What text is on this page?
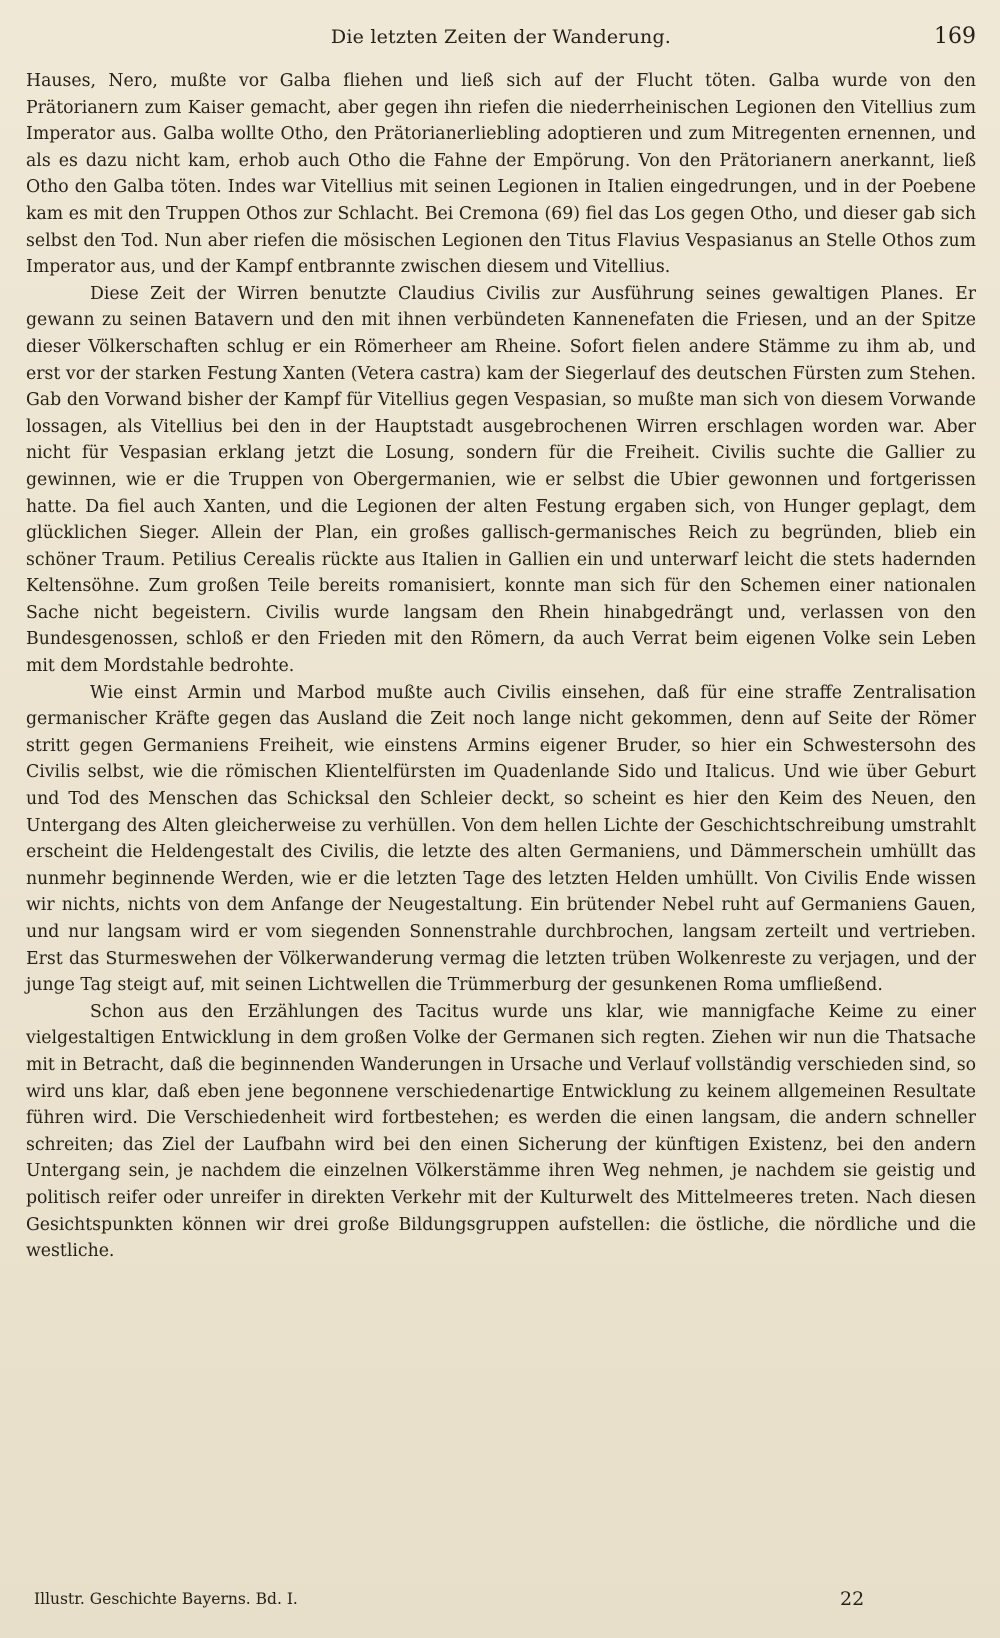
Die letzten Zeiten der Wanderung.	169

Hauses, Nero, mußte vor Galba fliehen und ließ sich auf der Flucht töten. Galba wurde von den Prätorianern zum Kaiser gemacht, aber gegen ihn riefen die niederrheinischen Legionen den Vitellius zum Imperator aus. Galba wollte Otho, den Prätorianerliebling adoptieren und zum Mitregenten ernennen, und als es dazu nicht kam, erhob auch Otho die Fahne der Empörung. Von den Prätorianern anerkannt, ließ Otho den Galba töten. Indes war Vitellius mit seinen Legionen in Italien eingedrungen, und in der Poebene kam es mit den Truppen Othos zur Schlacht. Bei Cremona (69) fiel das Los gegen Otho, und dieser gab sich selbst den Tod. Nun aber riefen die mösischen Legionen den Titus Flavius Vespasianus an Stelle Othos zum Imperator aus, und der Kampf entbrannte zwischen diesem und Vitellius.

Diese Zeit der Wirren benutzte Claudius Civilis zur Ausführung seines gewaltigen Planes. Er gewann zu seinen Batavern und den mit ihnen verbündeten Kannenefaten die Friesen, und an der Spitze dieser Völkerschaften schlug er ein Römerheer am Rheine. Sofort fielen andere Stämme zu ihm ab, und erst vor der starken Festung Xanten (Vetera castra) kam der Siegerlauf des deutschen Fürsten zum Stehen. Gab den Vorwand bisher der Kampf für Vitellius gegen Vespasian, so mußte man sich von diesem Vorwande lossagen, als Vitellius bei den in der Hauptstadt ausgebrochenen Wirren erschlagen worden war. Aber nicht für Vespasian erklang jetzt die Losung, sondern für die Freiheit. Civilis suchte die Gallier zu gewinnen, wie er die Truppen von Obergermanien, wie er selbst die Ubier gewonnen und fortgerissen hatte. Da fiel auch Xanten, und die Legionen der alten Festung ergaben sich, von Hunger geplagt, dem glücklichen Sieger. Allein der Plan, ein großes gallisch-germanisches Reich zu begründen, blieb ein schöner Traum. Petilius Cerealis rückte aus Italien in Gallien ein und unterwarf leicht die stets hadernden Keltensöhne. Zum großen Teile bereits romanisiert, konnte man sich für den Schemen einer nationalen Sache nicht begeistern. Civilis wurde langsam den Rhein hinabgedrängt und, verlassen von den Bundesgenossen, schloß er den Frieden mit den Römern, da auch Verrat beim eigenen Volke sein Leben mit dem Mordstahle bedrohte.

Wie einst Armin und Marbod mußte auch Civilis einsehen, daß für eine straffe Zentralisation germanischer Kräfte gegen das Ausland die Zeit noch lange nicht gekommen, denn auf Seite der Römer stritt gegen Germaniens Freiheit, wie einstens Armins eigener Bruder, so hier ein Schwestersohn des Civilis selbst, wie die römischen Klientelfürsten im Quadenlande Sido und Italicus. Und wie über Geburt und Tod des Menschen das Schicksal den Schleier deckt, so scheint es hier den Keim des Neuen, den Untergang des Alten gleicherweise zu verhüllen. Von dem hellen Lichte der Geschichtschreibung umstrahlt erscheint die Heldengestalt des Civilis, die letzte des alten Germaniens, und Dämmerschein umhüllt das nunmehr beginnende Werden, wie er die letzten Tage des letzten Helden umhüllt. Von Civilis Ende wissen wir nichts, nichts von dem Anfange der Neugestaltung. Ein brütender Nebel ruht auf Germaniens Gauen, und nur langsam wird er vom siegenden Sonnenstrahle durchbrochen, langsam zerteilt und vertrieben. Erst das Sturmeswehen der Völkerwanderung vermag die letzten trüben Wolkenreste zu verjagen, und der junge Tag steigt auf, mit seinen Lichtwellen die Trümmerburg der gesunkenen Roma umfließend.

Schon aus den Erzählungen des Tacitus wurde uns klar, wie mannigfache Keime zu einer vielgestaltigen Entwicklung in dem großen Volke der Germanen sich regten. Ziehen wir nun die Thatsache mit in Betracht, daß die beginnenden Wanderungen in Ursache und Verlauf vollständig verschieden sind, so wird uns klar, daß eben jene begonnene verschiedenartige Entwicklung zu keinem allgemeinen Resultate führen wird. Die Verschiedenheit wird fortbestehen; es werden die einen langsam, die andern schneller schreiten; das Ziel der Laufbahn wird bei den einen Sicherung der künftigen Existenz, bei den andern Untergang sein, je nachdem die einzelnen Völkerstämme ihren Weg nehmen, je nachdem sie geistig und politisch reifer oder unreifer in direkten Verkehr mit der Kulturwelt des Mittelmeeres treten. Nach diesen Gesichtspunkten können wir drei große Bildungsgruppen aufstellen: die östliche, die nördliche und die westliche.

Illustr. Geschichte Bayerns. Bd. I.	22
